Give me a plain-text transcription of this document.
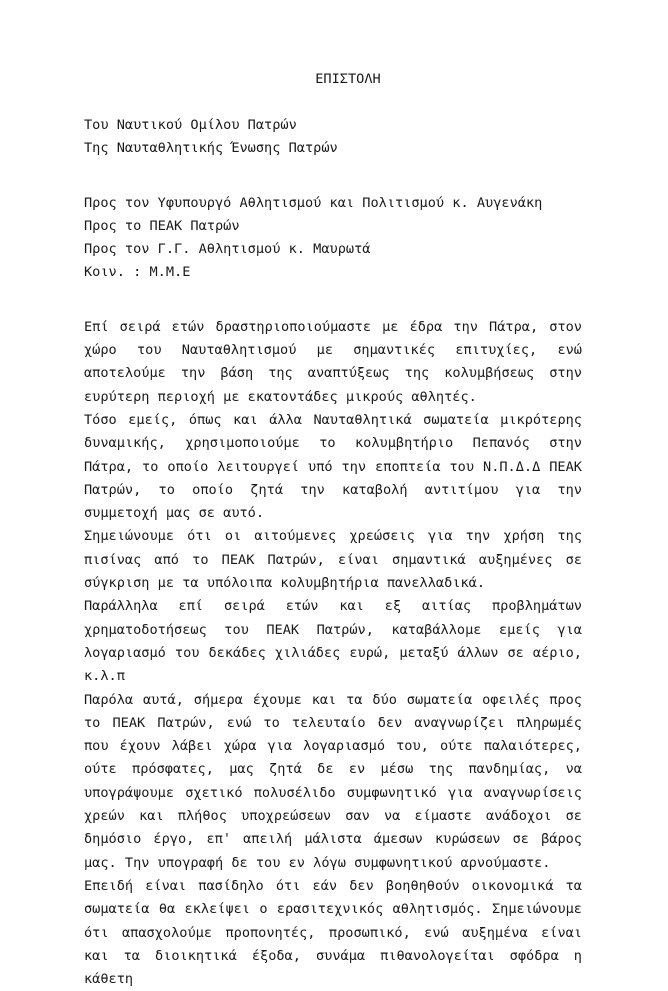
ΕΠΙΣΤΟΛΗ

Του Ναυτικού Ομίλου Πατρών

Της Ναυταθλητικής Ένωσης Πατρών

Προς τον Υφυπουργό Αθλητισμού και Πολιτισμού κ. Αυγενάκη

Προς το ΠΕΑΚ Πατρών

Προς τον Γ.Γ. Αθλητισμού κ. Μαυρωτά

Κοιν. : Μ.Μ.Ε

Επί σειρά ετών δραστηριοποιούμαστε με έδρα την Πάτρα, στον χώρο του Ναυταθλητισμού με σημαντικές επιτυχίες, ενώ αποτελούμε την βάση της αναπτύξεως της κολυμβήσεως στην ευρύτερη περιοχή με εκατοντάδες μικρούς αθλητές.

Τόσο εμείς, όπως και άλλα Ναυταθλητικά σωματεία μικρότερης δυναμικής, χρησιμοποιούμε το κολυμβητήριο Πεπανός στην Πάτρα, το οποίο λειτουργεί υπό την εποπτεία του Ν.Π.Δ.Δ ΠΕΑΚ Πατρών, το οποίο ζητά την καταβολή αντιτίμου για την συμμετοχή μας σε αυτό.

Σημειώνουμε ότι οι αιτούμενες χρεώσεις για την χρήση της πισίνας από το ΠΕΑΚ Πατρών, είναι σημαντικά αυξημένες σε σύγκριση με τα υπόλοιπα κολυμβητήρια πανελλαδικά.

Παράλληλα επί σειρά ετών και εξ αιτίας προβλημάτων χρηματοδοτήσεως του ΠΕΑΚ Πατρών, καταβάλλομε εμείς για λογαριασμό του δεκάδες χιλιάδες ευρώ, μεταξύ άλλων σε αέριο, κ.λ.π

Παρόλα αυτά, σήμερα έχουμε και τα δύο σωματεία οφειλές προς το ΠΕΑΚ Πατρών, ενώ το τελευταίο δεν αναγνωρίζει πληρωμές που έχουν λάβει χώρα για λογαριασμό του, ούτε παλαιότερες, ούτε πρόσφατες, μας ζητά δε εν μέσω της πανδημίας, να υπογράψουμε σχετικό πολυσέλιδο συμφωνητικό για αναγνωρίσεις χρεών και πλήθος υποχρεώσεων σαν να είμαστε ανάδοχοι σε δημόσιο έργο, επ' απειλή μάλιστα άμεσων κυρώσεων σε βάρος μας. Την υπογραφή δε του εν λόγω συμφωνητικού αρνούμαστε.

Επειδή είναι πασίδηλο ότι εάν δεν βοηθηθούν οικονομικά τα σωματεία θα εκλείψει ο ερασιτεχνικός αθλητισμός. Σημειώνουμε ότι απασχολούμε προπονητές, προσωπικό, ενώ αυξημένα είναι και τα διοικητικά έξοδα, συνάμα πιθανολογείται σφόδρα η κάθετη
